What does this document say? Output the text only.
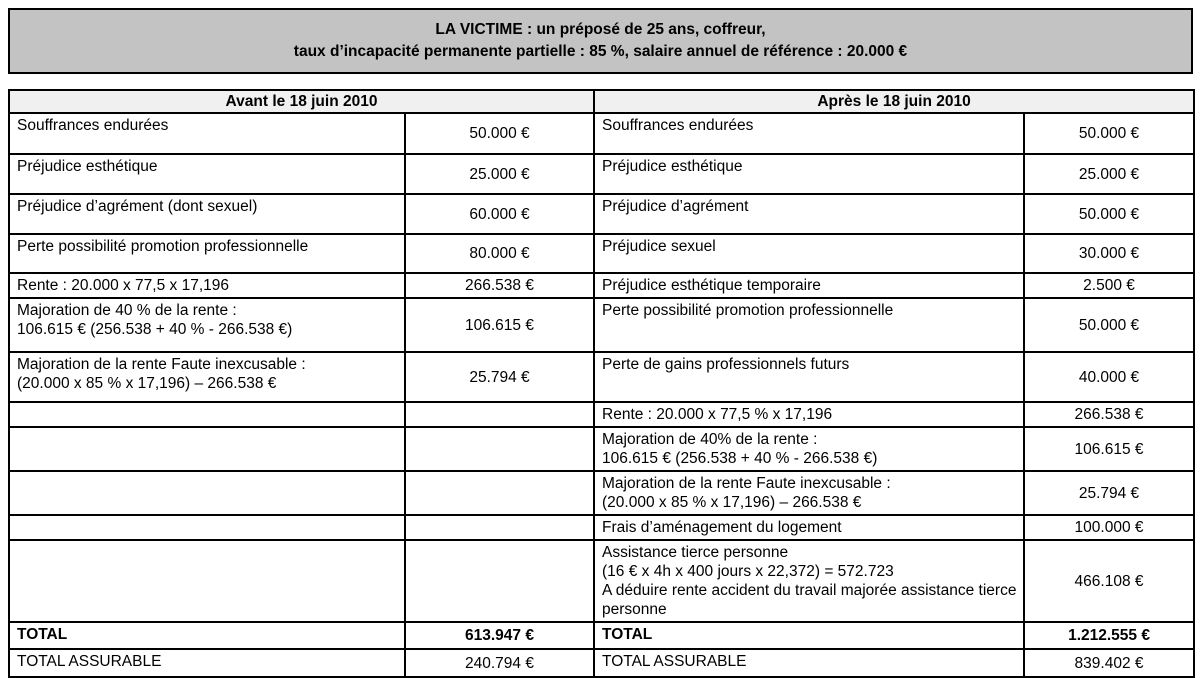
LA VICTIME : un préposé de 25 ans, coffreur,
taux d’incapacité permanente partielle : 85 %, salaire annuel de référence : 20.000 €
Avant le 18 juin 2010		Après le 18 juin 2010	

Souffrances endurées	50.000 €	Souffrances endurées	50.000 €

Préjudice esthétique	25.000 €	Préjudice esthétique	25.000 €

Préjudice d’agrément (dont sexuel)	60.000 €	Préjudice d’agrément	50.000 €

Perte possibilité promotion professionnelle	80.000 €	Préjudice sexuel	30.000 €

Rente : 20.000 x 77,5 x 17,196	266.538 €	Préjudice esthétique temporaire	2.500 €

Majoration de 40 % de la rente :
106.615 € (256.538 + 40 % - 266.538 €)	106.615 €	Perte possibilité promotion professionnelle	50.000 €

Majoration de la rente Faute inexcusable :
(20.000 x 85 % x 17,196) – 266.538 €	25.794 €	Perte de gains professionnels futurs	40.000 €

		Rente : 20.000 x 77,5 % x 17,196	266.538 €

		Majoration de 40% de la rente :
106.615 € (256.538 + 40 % - 266.538 €)	106.615 €

		Majoration de la rente Faute inexcusable :
(20.000 x 85 % x 17,196) – 266.538 €	25.794 €

		Frais d’aménagement du logement	100.000 €

		Assistance tierce personne
(16 € x 4h x 400 jours x 22,372) = 572.723
A déduire rente accident du travail majorée assistance tierce personne	466.108 €

TOTAL	613.947 €	TOTAL	1.212.555 €

TOTAL ASSURABLE	240.794 €	TOTAL ASSURABLE	839.402 €
